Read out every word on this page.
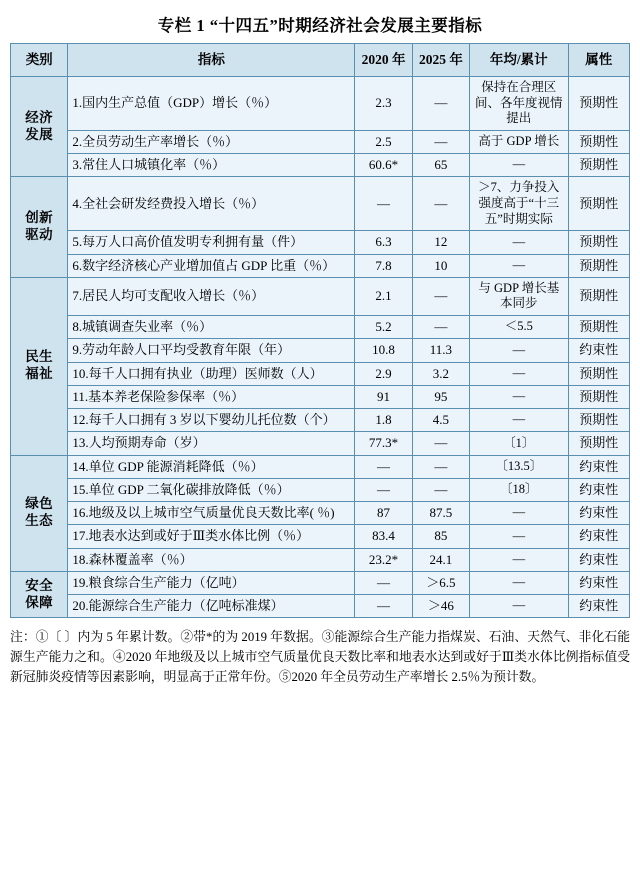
专栏 1 “十四五”时期经济社会发展主要指标
类别	指标	2020 年	2025 年	年均/累计	属性
经济
发展	1.国内生产总值（GDP）增长（％）	2.3	—	保持在合理区间、各年度视情提出	预期性
	2.全员劳动生产率增长（％）	2.5	—	高于 GDP 增长	预期性
	3.常住人口城镇化率（％）	60.6*	65	—	预期性
创新
驱动	4.全社会研发经费投入增长（％）	—	—	＞7、力争投入强度高于“十三五”时期实际	预期性
	5.每万人口高价值发明专利拥有量（件）	6.3	12	—	预期性
	6.数字经济核心产业增加值占 GDP 比重（％）	7.8	10	—	预期性
民生
福祉	7.居民人均可支配收入增长（％）	2.1	—	与 GDP 增长基本同步	预期性
	8.城镇调查失业率（％）	5.2	—	＜5.5	预期性
	9.劳动年龄人口平均受教育年限（年）	10.8	11.3	—	约束性
	10.每千人口拥有执业（助理）医师数（人）	2.9	3.2	—	预期性
	11.基本养老保险参保率（％）	91	95	—	预期性
	12.每千人口拥有 3 岁以下婴幼儿托位数（个）	1.8	4.5	—	预期性
	13.人均预期寿命（岁）	77.3*	—	〔1〕	预期性
绿色
生态	14.单位 GDP 能源消耗降低（％）	—	—	〔13.5〕	约束性
	15.单位 GDP 二氧化碳排放降低（％）	—	—	〔18〕	约束性
	16.地级及以上城市空气质量优良天数比率( ％)	87	87.5	—	约束性
	17.地表水达到或好于Ⅲ类水体比例（％）	83.4	85	—	约束性
	18.森林覆盖率（％）	23.2*	24.1	—	约束性
安全
保障	19.粮食综合生产能力（亿吨）	—	＞6.5	—	约束性
	20.能源综合生产能力（亿吨标准煤）	—	＞46	—	约束性

注：①〔 〕内为 5 年累计数。②带*的为 2019 年数据。③能源综合生产能力指煤炭、石油、天然气、非化石能源生产能力之和。④2020 年地级及以上城市空气质量优良天数比率和地表水达到或好于Ⅲ类水体比例指标值受新冠肺炎疫情等因素影响，明显高于正常年份。⑤2020 年全员劳动生产率增长 2.5％为预计数。
